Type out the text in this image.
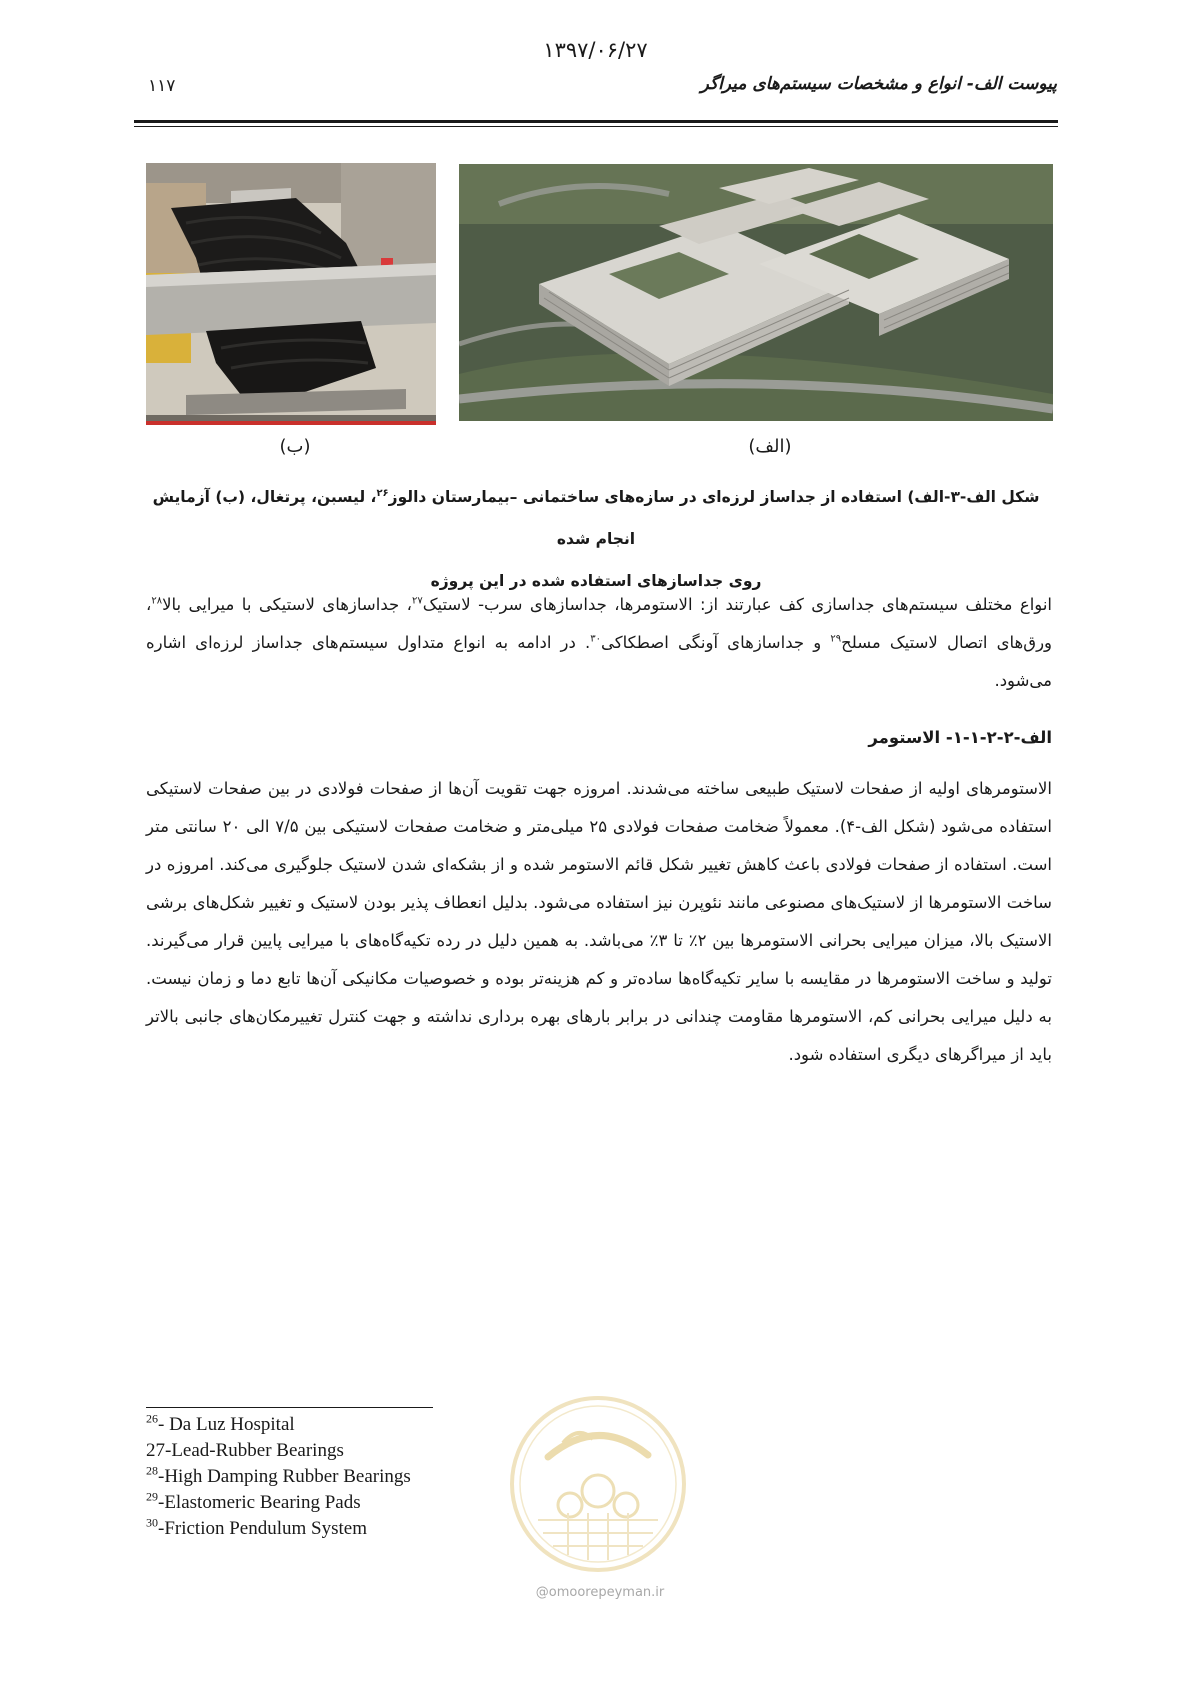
۱۳۹۷/۰۶/۲۷
۱۱۷	پیوست الف- انواع و مشخصات سیستم‌های میراگر
(الف)
(ب)
شکل الف-۳-الف) استفاده از جداساز لرزه‌ای در سازه‌های ساختمانی –بیمارستان دالوز$^{۲۶}$، لیسبن، پرتغال، (ب) آزمایش انجام شده
روی جداسازهای استفاده شده در این پروژه
انواع مختلف سیستم‌های جداسازی کف عبارتند از: الاستومرها، جداسازهای سرب- لاستیک$^{۲۷}$، جداسازهای لاستیکی با میرایی بالا$^{۲۸}$، ورق‌های اتصال لاستیک مسلح$^{۲۹}$ و جداسازهای آونگی اصطکاکی$^{۳۰}$. در ادامه به انواع متداول سیستم‌های جداساز لرزه‌ای اشاره می‌شود.
الف-۲-۲-۱-۱- الاستومر
الاستومرهای اولیه از صفحات لاستیک طبیعی ساخته می‌شدند. امروزه جهت تقویت آن‌ها از صفحات فولادی در بین صفحات لاستیکی استفاده می‌شود (شکل الف-۴). معمولاً ضخامت صفحات فولادی ۲۵ میلی‌متر و ضخامت صفحات لاستیکی بین ۷/۵ الی ۲۰ سانتی متر است. استفاده از صفحات فولادی باعث کاهش تغییر شکل قائم الاستومر شده و از بشکه‌ای شدن لاستیک جلوگیری می‌کند. امروزه در ساخت الاستومرها از لاستیک‌های مصنوعی مانند نئوپرن نیز استفاده می‌شود. بدلیل انعطاف پذیر بودن لاستیک و تغییر شکل‌های برشی الاستیک بالا، میزان میرایی بحرانی الاستومرها بین ۲٪ تا ۳٪ می‌باشد. به همین دلیل در رده تکیه‌گاه‌های با میرایی پایین قرار می‌گیرند. تولید و ساخت الاستومرها در مقایسه با سایر تکیه‌گاه‌ها ساده‌تر و کم هزینه‌تر بوده و خصوصیات مکانیکی آن‌ها تابع دما و زمان نیست. به دلیل میرایی بحرانی کم، الاستومرها مقاومت چندانی در برابر بارهای بهره برداری نداشته و جهت کنترل تغییرمکان‌های جانبی بالاتر باید از میراگرهای دیگری استفاده شود.
$^{26}$- Da Luz Hospital
27-Lead-Rubber Bearings
$^{28}$-High Damping Rubber Bearings
$^{29}$-Elastomeric Bearing Pads
$^{30}$-Friction Pendulum System
@omoorepeyman.ir
